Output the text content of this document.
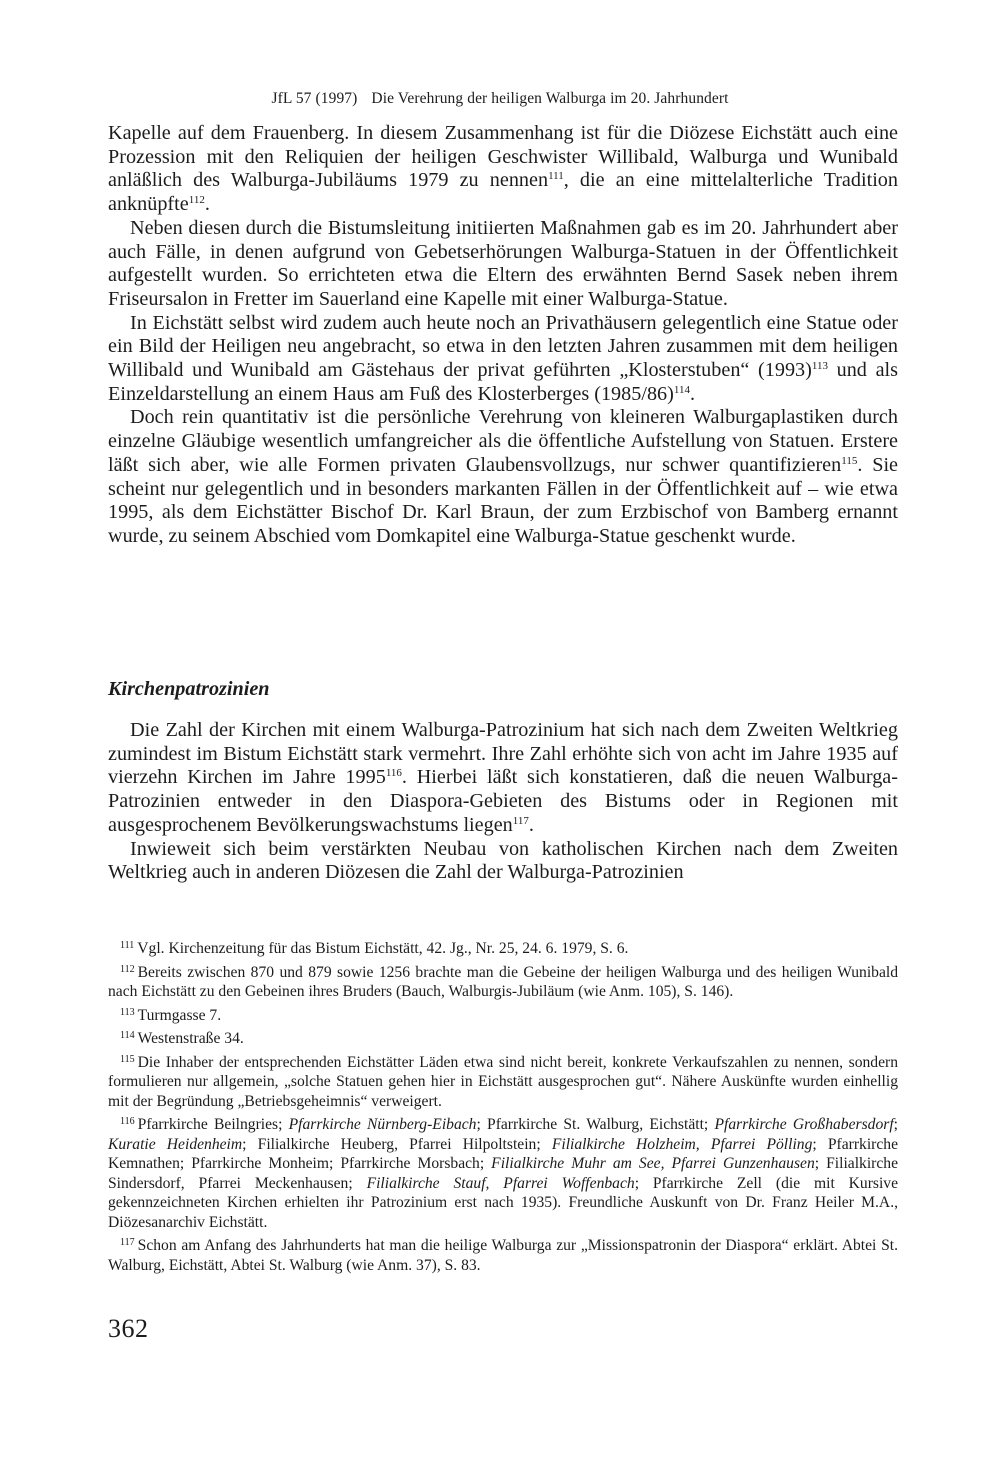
JfL 57 (1997) Die Verehrung der heiligen Walburga im 20. Jahrhundert

Kapelle auf dem Frauenberg. In diesem Zusammenhang ist für die Diözese Eichstätt auch eine Prozession mit den Reliquien der heiligen Geschwister Willibald, Walburga und Wunibald anläßlich des Walburga-Jubiläums 1979 zu nennen$^{111}$, die an eine mittelalterliche Tradition anknüpfte$^{112}$.

Neben diesen durch die Bistumsleitung initiierten Maßnahmen gab es im 20. Jahrhundert aber auch Fälle, in denen aufgrund von Gebetserhörungen Walburga-Statuen in der Öffentlichkeit aufgestellt wurden. So errichteten etwa die Eltern des erwähnten Bernd Sasek neben ihrem Friseursalon in Fretter im Sauerland eine Kapelle mit einer Walburga-Statue.

In Eichstätt selbst wird zudem auch heute noch an Privathäusern gelegentlich eine Statue oder ein Bild der Heiligen neu angebracht, so etwa in den letzten Jahren zusammen mit dem heiligen Willibald und Wunibald am Gästehaus der privat geführten „Klosterstuben“ $(1993)^{113}$ und als Einzeldarstellung an einem Haus am Fuß des Klosterberges $(1985/86)^{114}$.

Doch rein quantitativ ist die persönliche Verehrung von kleineren Walburgaplastiken durch einzelne Gläubige wesentlich umfangreicher als die öffentliche Aufstellung von Statuen. Erstere läßt sich aber, wie alle Formen privaten Glaubensvollzugs, nur schwer quantifizieren$^{115}$. Sie scheint nur gelegentlich und in besonders markanten Fällen in der Öffentlichkeit auf – wie etwa 1995, als dem Eichstätter Bischof Dr. Karl Braun, der zum Erzbischof von Bamberg ernannt wurde, zu seinem Abschied vom Domkapitel eine Walburga-Statue geschenkt wurde.

Kirchenpatrozinien

Die Zahl der Kirchen mit einem Walburga-Patrozinium hat sich nach dem Zweiten Weltkrieg zumindest im Bistum Eichstätt stark vermehrt. Ihre Zahl erhöhte sich von acht im Jahre 1935 auf vierzehn Kirchen im Jahre 1995$^{116}$. Hierbei läßt sich konstatieren, daß die neuen Walburga-Patrozinien entweder in den Diaspora-Gebieten des Bistums oder in Regionen mit ausgesprochenem Bevölkerungswachstums liegen$^{117}$.

Inwieweit sich beim verstärkten Neubau von katholischen Kirchen nach dem Zweiten Weltkrieg auch in anderen Diözesen die Zahl der Walburga-Patrozinien

$^{111}$ Vgl. Kirchenzeitung für das Bistum Eichstätt, 42. Jg., Nr. 25, 24. 6. 1979, S. 6.

$^{112}$ Bereits zwischen 870 und 879 sowie 1256 brachte man die Gebeine der heiligen Walburga und des heiligen Wunibald nach Eichstätt zu den Gebeinen ihres Bruders (Bauch, Walburgis-Jubiläum (wie Anm. 105), S. 146).

$^{113}$ Turmgasse 7.

$^{114}$ Westenstraße 34.

$^{115}$ Die Inhaber der entsprechenden Eichstätter Läden etwa sind nicht bereit, konkrete Verkaufszahlen zu nennen, sondern formulieren nur allgemein, „solche Statuen gehen hier in Eichstätt ausgesprochen gut“. Nähere Auskünfte wurden einhellig mit der Begründung „Betriebsgeheimnis“ verweigert.

$^{116}$ Pfarrkirche Beilngries; Pfarrkirche Nürnberg-Eibach; Pfarrkirche St. Walburg, Eichstätt; Pfarrkirche Großhabersdorf; Kuratie Heidenheim; Filialkirche Heuberg, Pfarrei Hilpoltstein; Filialkirche Holzheim, Pfarrei Pölling; Pfarrkirche Kemnathen; Pfarrkirche Monheim; Pfarrkirche Morsbach; Filialkirche Muhr am See, Pfarrei Gunzenhausen; Filialkirche Sindersdorf, Pfarrei Meckenhausen; Filialkirche Stauf, Pfarrei Woffenbach; Pfarrkirche Zell (die mit Kursive gekennzeichneten Kirchen erhielten ihr Patrozinium erst nach 1935). Freundliche Auskunft von Dr. Franz Heiler M.A., Diözesanarchiv Eichstätt.

$^{117}$ Schon am Anfang des Jahrhunderts hat man die heilige Walburga zur „Missionspatronin der Diaspora“ erklärt. Abtei St. Walburg, Eichstätt, Abtei St. Walburg (wie Anm. 37), S. 83.

362
